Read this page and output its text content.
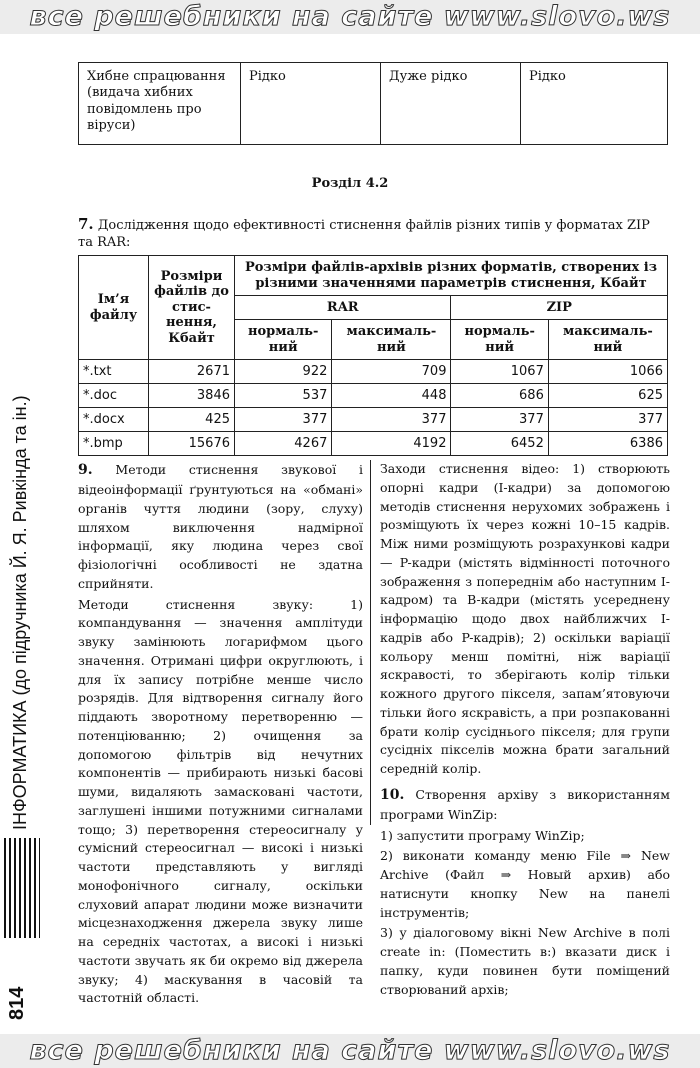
все решебники на сайте www.slovo.ws
Хибне спрацювання (видача хибних повідомлень про віруси)	Рідко	Дуже рідко	Рідко
Розділ 4.2
7. Дослідження щодо ефективності стиснення файлів різних типів у форматах ZIP та RAR:
Ім’я файлу	Розміри файлів до стис-нення, Кбайт	Розміри файлів-архівів різних форматів, створених із різними значеннями параметрів стиснення, Кбайт			
		RAR		ZIP	
		нормаль-ний	максималь-ний	нормаль-ний	максималь-ний
*.txt	2671	922	709	1067	1066
*.doc	3846	537	448	686	625
*.docx	425	377	377	377	377
*.bmp	15676	4267	4192	6452	6386
ІНФОРМАТИКА (до підручника Й. Я. Ривкінда та ін.)
814

9. Методи стиснення звукової і відеоінформації ґрунтуються на «обмані» органів чуття людини (зору, слуху) шляхом виключення надмірної інформації, яку людина через свої фізіологічні особливості не здатна сприйняти.

Методи стиснення звуку: 1) компандування — значення амплітуди звуку замінюють логарифмом цього значення. Отримані цифри округлюють, і для їх запису потрібне менше число розрядів. Для відтворення сигналу його піддають зворотному перетворенню — потенціюванню; 2) очищення за допомогою фільтрів від нечутних компонентів — прибирають низькі басові шуми, видаляють замасковані частоти, заглушені іншими потужними сигналами тощо; 3) перетворення стереосигналу у сумісний стереосигнал — високі і низькі частоти представляють у вигляді монофонічного сигналу, оскільки слуховий апарат людини може визначити місцезнаходження джерела звуку лише на середніх частотах, а високі і низькі частоти звучать як би окремо від джерела звуку; 4) маскування в часовій та частотній області.

Заходи стиснення відео: 1) створюють опорні кадри (I-кадри) за допомогою методів стиснення нерухомих зображень і розміщують їх через кожні 10–15 кадрів. Між ними розміщують розрахункові кадри — P-кадри (містять відмінності поточного зображення з попереднім або наступним I-кадром) та B-кадри (містять усереднену інформацію щодо двох найближчих I-кадрів або P-кадрів); 2) оскільки варіації кольору менш помітні, ніж варіації яскравості, то зберігають колір тільки кожного другого пікселя, запам’ятовуючи тільки його яскравість, а при розпакованні брати колір сусіднього пікселя; для групи сусідніх пікселів можна брати загальний середній колір.

10. Створення архіву з використанням програми WinZip:

1) запустити програму WinZip;

2) виконати команду меню File ⇒ New Archive (Файл ⇒ Новый архив) або натиснути кнопку New на панелі інструментів;

3) у діалоговому вікні New Archive в полі create in: (Поместить в:) вказати диск і папку, куди повинен бути поміщений створюваний архів;

все решебники на сайте www.slovo.ws
